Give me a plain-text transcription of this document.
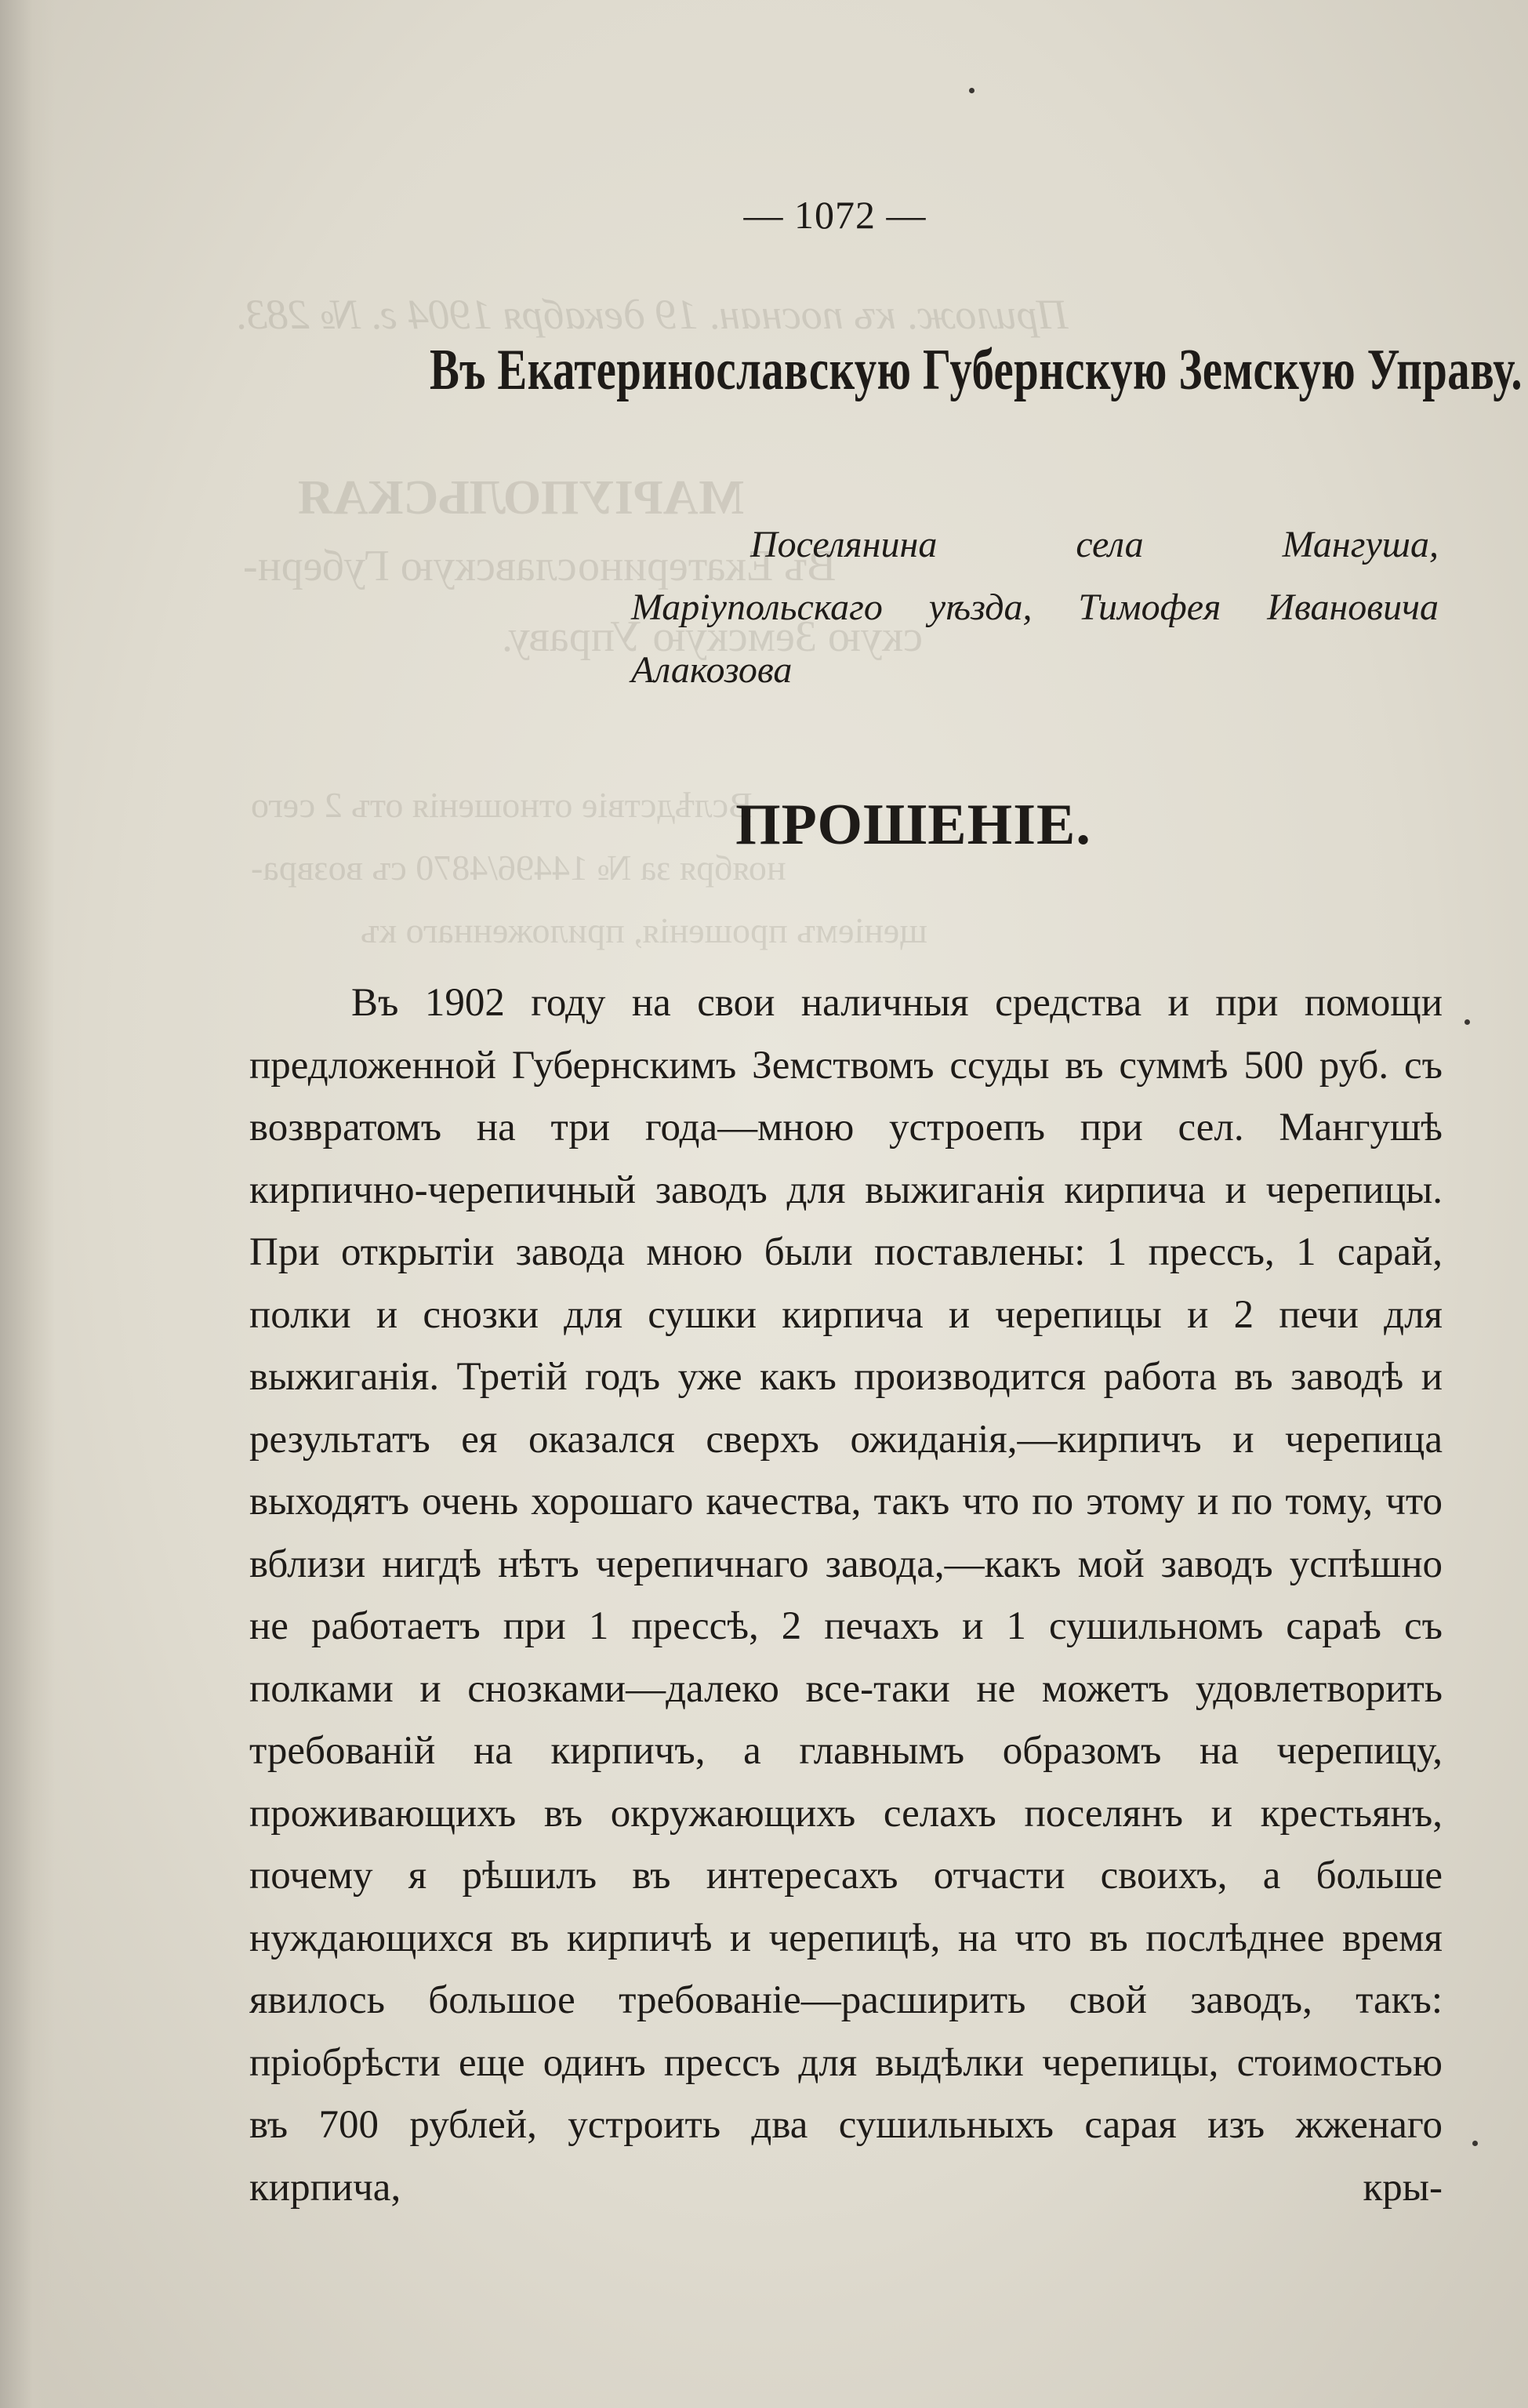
Прилож. къ поснан. 19 декабря 1904 г. № 283.
МАРІУПОЛЬСКАЯ
Въ Екатеринославскую Губерн-
скую Земскую Управу.
Вслѣдствіе отношенія отъ 2 сего
ноября за № 14496/4870 съ возвра-
щеніемъ прошенія, приложеннаго къ
— 1072 —
Въ Екатеринославскую Губернскую Земскую Управу.
Поселянина села Мангуша, Маріупольскаго уѣзда, Тимофея Ивановича Алакозова
ПРОШЕНІЕ.
Въ 1902 году на свои наличныя средства и при помощи предложенной Губернскимъ Земствомъ ссуды въ суммѣ 500 руб. съ возвратомъ на три года—мною устроепъ при сел. Мангушѣ кирпично-черепичный заводъ для выжиганія кирпича и черепицы. При открытіи завода мною были поставлены: 1 прессъ, 1 сарай, полки и снозки для сушки кирпича и черепицы и 2 печи для выжиганія. Третій годъ уже какъ производится работа въ заводѣ и результатъ ея оказался сверхъ ожиданія,—кирпичъ и черепица выходятъ очень хорошаго качества, такъ что по этому и по тому, что вблизи нигдѣ нѣтъ черепичнаго завода,—какъ мой заводъ успѣшно не работаетъ при 1 прессѣ, 2 печахъ и 1 сушильномъ сараѣ съ полками и снозками—далеко все-таки не можетъ удовлетворить требованій на кирпичъ, а главнымъ образомъ на черепицу, проживающихъ въ окружающихъ селахъ поселянъ и крестьянъ, почему я рѣшилъ въ интересахъ отчасти своихъ, а больше нуждающихся въ кирпичѣ и черепицѣ, на что въ послѣднее время явилось большое требованіе—расширить свой заводъ, такъ: пріобрѣсти еще одинъ прессъ для выдѣлки черепицы, стоимостью въ 700 рублей, устроить два сушильныхъ сарая изъ жженаго кирпича, кры-
